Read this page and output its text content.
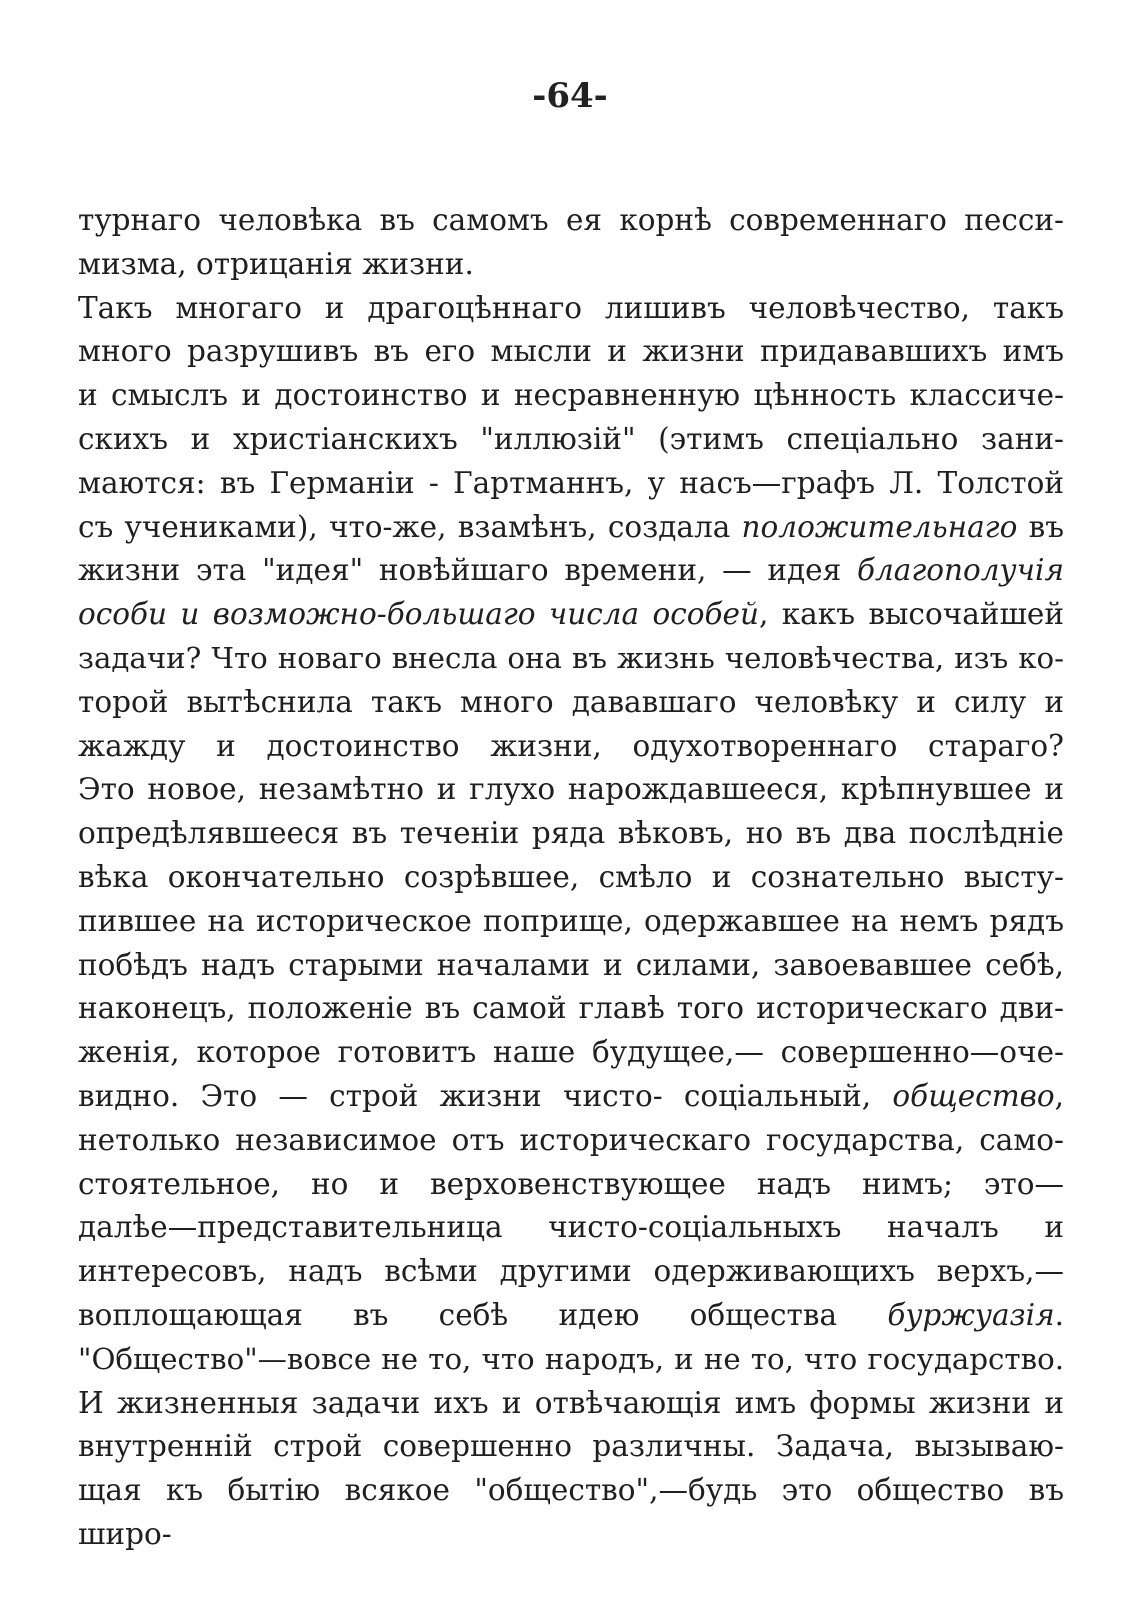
-64-
турнаго человѣка въ самомъ ея корнѣ современнаго песси-
мизма, отрицанія жизни.
Такъ многаго и драгоцѣннаго лишивъ человѣчество, такъ
много разрушивъ въ его мысли и жизни придававшихъ имъ
и смыслъ и достоинство и несравненную цѣнность классиче-
скихъ и христіанскихъ "иллюзій" (этимъ спеціально зани-
маются: въ Германіи - Гартманнъ, у насъ—графъ Л. Толстой
съ учениками), что-же, взамѣнъ, создала положительнаго въ
жизни эта "идея" новѣйшаго времени, — идея благополучія
особи и возможно-большаго числа особей, какъ высочайшей
задачи? Что новаго внесла она въ жизнь человѣчества, изъ ко-
торой вытѣснила такъ много дававшаго человѣку и силу и
жажду и достоинство жизни, одухотвореннаго стараго?
Это новое, незамѣтно и глухо нарождавшееся, крѣпнувшее и
опредѣлявшееся въ теченіи ряда вѣковъ, но въ два послѣдніе
вѣка окончательно созрѣвшее, смѣло и сознательно высту-
пившее на историческое поприще, одержавшее на немъ рядъ
побѣдъ надъ старыми началами и силами, завоевавшее себѣ,
наконецъ, положеніе въ самой главѣ того историческаго дви-
женія, которое готовитъ наше будущее,— совершенно—оче-
видно. Это — строй жизни чисто- соціальный, общество,
нетолько независимое отъ историческаго государства, само-
стоятельное, но и верховенствующее надъ нимъ; это—
далѣе—представительница чисто-соціальныхъ началъ и
интересовъ, надъ всѣми другими одерживающихъ верхъ,—
воплощающая въ себѣ идею общества буржуазія.
"Общество"—вовсе не то, что народъ, и не то, что государство.
И жизненныя задачи ихъ и отвѣчающія имъ формы жизни и
внутренній строй совершенно различны. Задача, вызываю-
щая къ бытію всякое "общество",—будь это общество въ
широ-
